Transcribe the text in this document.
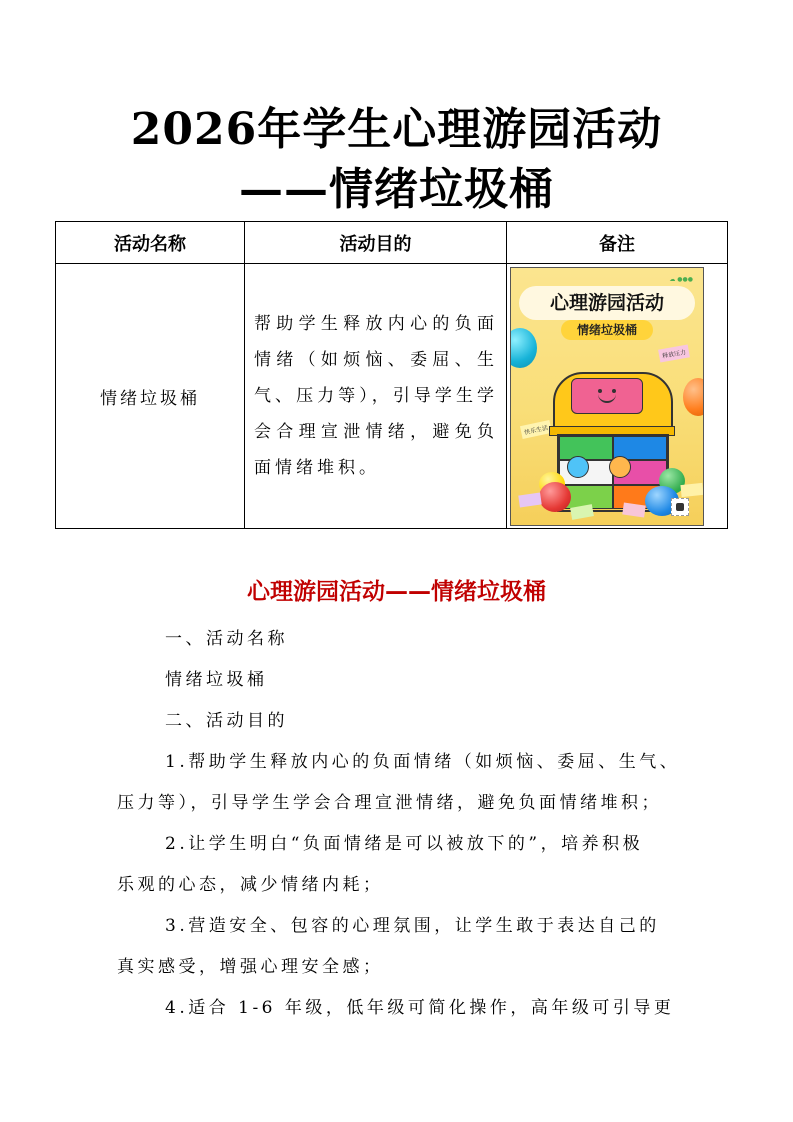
2026年学生心理游园活动
——情绪垃圾桶
活动名称	活动目的	备注
情绪垃圾桶	帮助学生释放内心的负面情绪（如烦恼、委屈、生气、压力等），引导学生学会合理宣泄情绪，避免负面情绪堆积。	☁ ●●●
心理游园活动
情绪垃圾桶
释放压力
快乐生活
心理游园活动——情绪垃圾桶
一、活动名称
情绪垃圾桶
二、活动目的
1.帮助学生释放内心的负面情绪（如烦恼、委屈、生气、
压力等），引导学生学会合理宣泄情绪，避免负面情绪堆积；
2.让学生明白“负面情绪是可以被放下的”，培养积极
乐观的心态，减少情绪内耗；
3.营造安全、包容的心理氛围，让学生敢于表达自己的
真实感受，增强心理安全感；
4.适合 1-6 年级，低年级可简化操作，高年级可引导更
